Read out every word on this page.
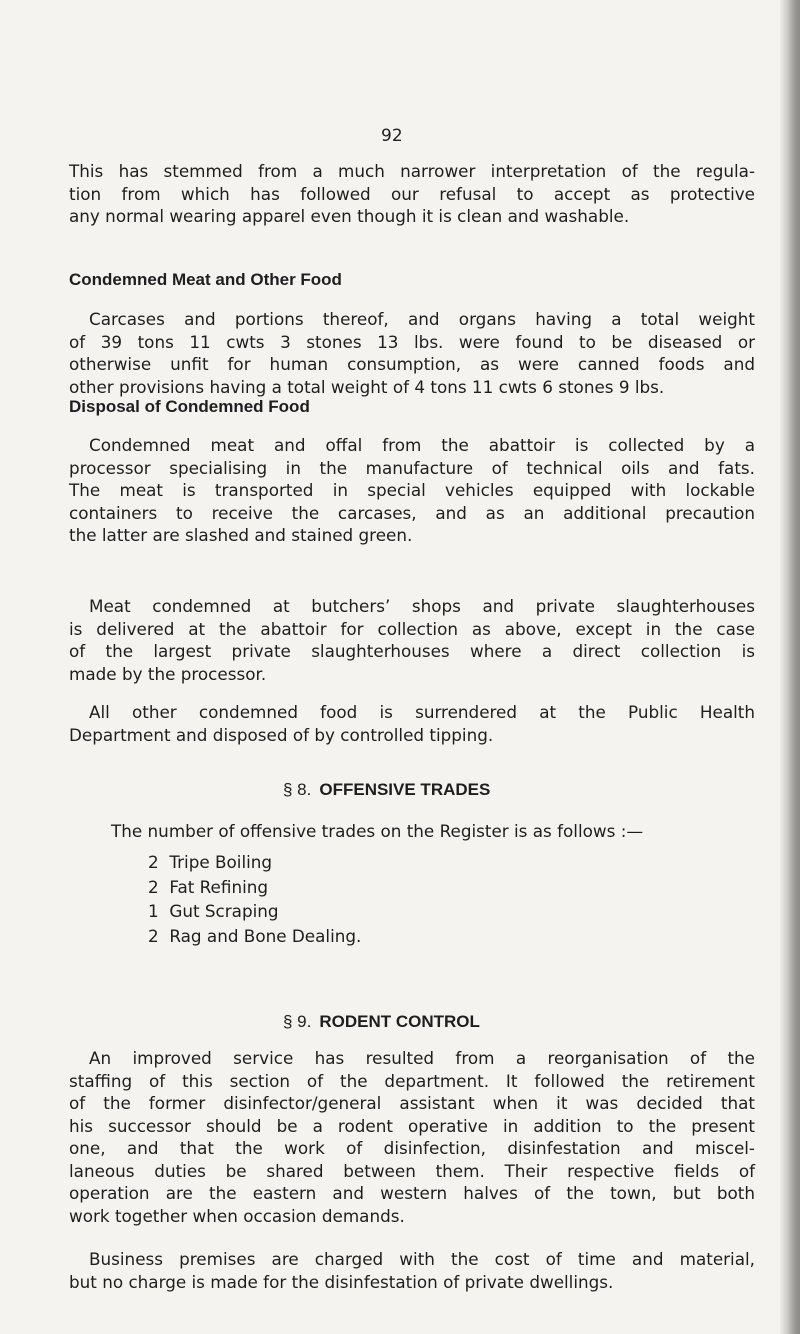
92

This has stemmed from a much narrower interpretation of the regula-
tion from which has followed our refusal to accept as protective
any normal wearing apparel even though it is clean and washable.

Condemned Meat and Other Food

Carcases and portions thereof, and organs having a total weight
of 39 tons 11 cwts 3 stones 13 lbs. were found to be diseased or
otherwise unfit for human consumption, as were canned foods and
other provisions having a total weight of 4 tons 11 cwts 6 stones 9 lbs.

Disposal of Condemned Food

Condemned meat and offal from the abattoir is collected by a
processor specialising in the manufacture of technical oils and fats.
The meat is transported in special vehicles equipped with lockable
containers to receive the carcases, and as an additional precaution
the latter are slashed and stained green.

Meat condemned at butchers’ shops and private slaughterhouses
is delivered at the abattoir for collection as above, except in the case
of the largest private slaughterhouses where a direct collection is
made by the processor.

All other condemned food is surrendered at the Public Health
Department and disposed of by controlled tipping.

§ 8. OFFENSIVE TRADES

The number of offensive trades on the Register is as follows :—

2 Tripe Boiling
2 Fat Refining
1 Gut Scraping
2 Rag and Bone Dealing.
§ 9. RODENT CONTROL

An improved service has resulted from a reorganisation of the
staffing of this section of the department. It followed the retirement
of the former disinfector/general assistant when it was decided that
his successor should be a rodent operative in addition to the present
one, and that the work of disinfection, disinfestation and miscel-
laneous duties be shared between them. Their respective fields of
operation are the eastern and western halves of the town, but both
work together when occasion demands.

Business premises are charged with the cost of time and material,
but no charge is made for the disinfestation of private dwellings.
